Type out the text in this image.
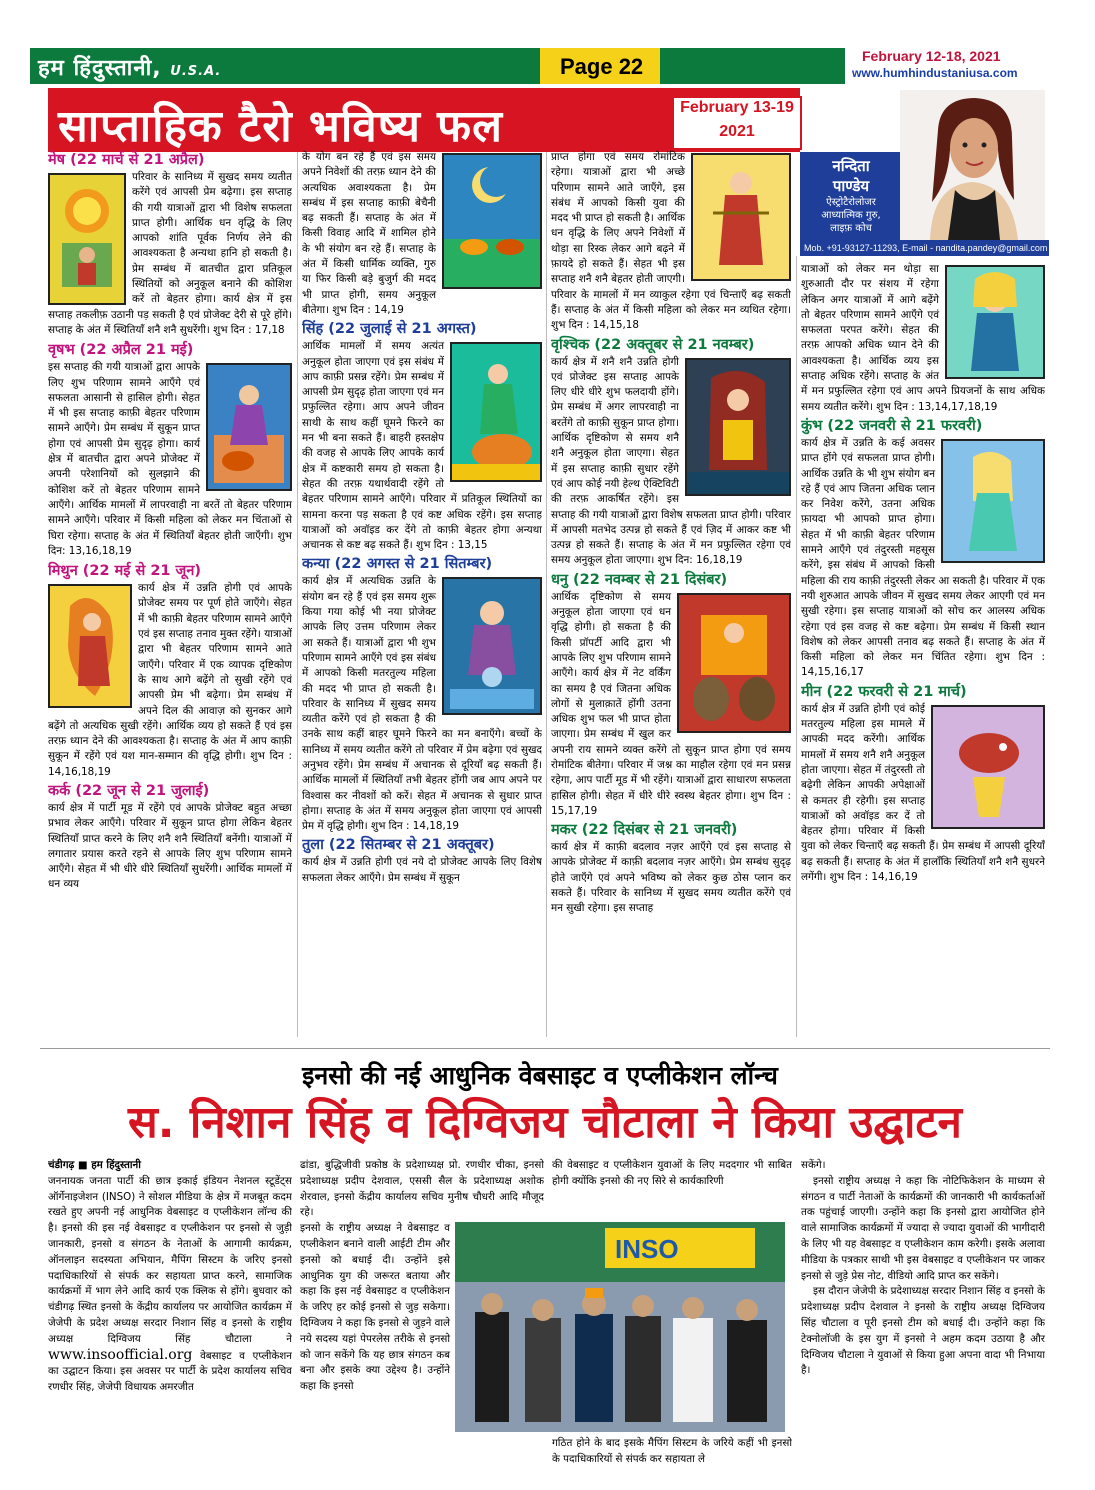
हम हिंदुस्तानी, U.S.A.	Page 22	February 12-18, 2021
www.humhindustaniusa.com
साप्ताहिक टैरो भविष्य फल	February 13-19
2021
नन्दिता
पाण्डेय
ऐस्ट्रोटैरोलोजर
आध्यात्मिक गुरु,
लाइफ़ कोच
Mob. +91-93127-11293, E-mail - nandita.pandey@gmail.com
मेष (22 मार्च से 21 अप्रैल)

परिवार के सानिध्य में सुखद समय व्यतीत करेंगे एवं आपसी प्रेम बढ़ेगा। इस सप्ताह की गयी यात्राओं द्वारा भी विशेष सफलता प्राप्त होगी। आर्थिक धन वृद्धि के लिए आपको शांति पूर्वक निर्णय लेने की आवश्यकता है अन्यथा हानि हो सकती है। प्रेम सम्बंध में बातचीत द्वारा प्रतिकूल स्थितियों को अनुकूल बनाने की कोशिश करें तो बेहतर होगा। कार्य क्षेत्र में इस सप्ताह तकलीफ़ उठानी पड़ सकती है एवं प्रोजेक्ट देरी से पूरे होंगे। सप्ताह के अंत में स्थितियाँ शनै शनै सुधरेंगी। शुभ दिन : 17,18

वृषभ (22 अप्रैल 21 मई)

इस सप्ताह की गयी यात्राओं द्वारा आपके लिए शुभ परिणाम सामने आएँगे एवं सफलता आसानी से हासिल होगी। सेहत में भी इस सप्ताह काफ़ी बेहतर परिणाम सामने आएँगे। प्रेम सम्बंध में सुकून प्राप्त होगा एवं आपसी प्रेम सुदृढ़ होगा। कार्य क्षेत्र में बातचीत द्वारा अपने प्रोजेक्ट में अपनी परेशानियों को सुलझाने की कोशिश करें तो बेहतर परिणाम सामने आएँगे। आर्थिक मामलों में लापरवाही ना बरतें तो बेहतर परिणाम सामने आएँगे। परिवार में किसी महिला को लेकर मन चिंताओं से घिरा रहेगा। सप्ताह के अंत में स्थितियाँ बेहतर होती जाएँगी। शुभ दिन: 13,16,18,19

मिथुन (22 मई से 21 जून)

कार्य क्षेत्र में उन्नति होगी एवं आपके प्रोजेक्ट समय पर पूर्ण होते जाएँगे। सेहत में भी काफ़ी बेहतर परिणाम सामने आएँगे एवं इस सप्ताह तनाव मुक्त रहेंगे। यात्राओं द्वारा भी बेहतर परिणाम सामने आते जाएँगे। परिवार में एक व्यापक दृष्टिकोण के साथ आगे बढ़ेंगे तो सुखी रहेंगे एवं आपसी प्रेम भी बढ़ेगा। प्रेम सम्बंध में अपने दिल की आवाज़ को सुनकर आगे बढ़ेंगे तो अत्यधिक सुखी रहेंगे। आर्थिक व्यय हो सकते हैं एवं इस तरफ़ ध्यान देने की आवश्यकता है। सप्ताह के अंत में आप काफ़ी सुकून में रहेंगे एवं यश मान-सम्मान की वृद्धि होगी। शुभ दिन : 14,16,18,19

कर्क (22 जून से 21 जुलाई)

कार्य क्षेत्र में पार्टी मूड में रहेंगे एवं आपके प्रोजेक्ट बहुत अच्छा प्रभाव लेकर आएँगे। परिवार में सुकून प्राप्त होगा लेकिन बेहतर स्थितियाँ प्राप्त करने के लिए शनै शनै स्थितियाँ बनेंगी। यात्राओं में लगातार प्रयास करते रहने से आपके लिए शुभ परिणाम सामने आएँगे। सेहत में भी धीरे धीरे स्थितियाँ सुधरेंगी। आर्थिक मामलों में धन व्यय

के योग बन रहे हैं एवं इस समय अपने निवेशों की तरफ़ ध्यान देने की अत्यधिक अवाश्यकता है। प्रेम सम्बंध में इस सप्ताह काफ़ी बेचैनी बढ़ सकती हैं। सप्ताह के अंत में किसी विवाह आदि में शामिल होने के भी संयोग बन रहे हैं। सप्ताह के अंत में किसी धार्मिक व्यक्ति, गुरु या फिर किसी बड़े बुजुर्ग की मदद भी प्राप्त होगी, समय अनुकूल बीतेगा। शुभ दिन : 14,19

सिंह (22 जुलाई से 21 अगस्त)

आर्थिक मामलों में समय अत्यंत अनुकूल होता जाएगा एवं इस संबंध में आप काफ़ी प्रसन्न रहेंगे। प्रेम सम्बंध में आपसी प्रेम सुदृढ़ होता जाएगा एवं मन प्रफुल्लित रहेगा। आप अपने जीवन साथी के साथ कहीं घूमने फिरने का मन भी बना सकते हैं। बाहरी हस्तक्षेप की वजह से आपके लिए आपके कार्य क्षेत्र में कष्टकारी समय हो सकता है। सेहत की तरफ़ यथार्थवादी रहेंगे तो बेहतर परिणाम सामने आएँगे। परिवार में प्रतिकूल स्थितियों का सामना करना पड़ सकता है एवं कष्ट अधिक रहेंगे। इस सप्ताह यात्राओं को अवॉइड कर देंगे तो काफ़ी बेहतर होगा अन्यथा अचानक से कष्ट बढ़ सकते हैं। शुभ दिन : 13,15

कन्या (22 अगस्त से 21 सितम्बर)

कार्य क्षेत्र में अत्यधिक उन्नति के संयोग बन रहे हैं एवं इस समय शुरू किया गया कोई भी नया प्रोजेक्ट आपके लिए उत्तम परिणाम लेकर आ सकते हैं। यात्राओं द्वारा भी शुभ परिणाम सामने आएँगे एवं इस संबंध में आपको किसी मतरतुल्य महिला की मदद भी प्राप्त हो सकती है। परिवार के सानिध्य में सुखद समय व्यतीत करेंगे एवं हो सकता है की उनके साथ कहीं बाहर घूमने फिरने का मन बनाएँगे। बच्चों के सानिध्य में समय व्यतीत करेंगे तो परिवार में प्रेम बढ़ेगा एवं सुखद अनुभव रहेंगे। प्रेम सम्बंध में अचानक से दूरियाँ बढ़ सकती हैं। आर्थिक मामलों में स्थितियाँ तभी बेहतर होंगी जब आप अपने पर विश्वास कर नीवशों को करें। सेहत में अचानक से सुधार प्राप्त होगा। सप्ताह के अंत में समय अनुकूल होता जाएगा एवं आपसी प्रेम में वृद्धि होगी। शुभ दिन : 14,18,19

तुला (22 सितम्बर से 21 अक्तूबर)

कार्य क्षेत्र में उन्नति होगी एवं नये दो प्रोजेक्ट आपके लिए विशेष सफलता लेकर आएँगे। प्रेम सम्बंध में सुकून

प्राप्त होगा एवं समय रोमांटिक रहेगा। यात्राओं द्वारा भी अच्छे परिणाम सामने आते जाएँगे, इस संबंध में आपको किसी युवा की मदद भी प्राप्त हो सकती है। आर्थिक धन वृद्धि के लिए अपने निवेशों में थोड़ा सा रिस्क लेकर आगे बढ़ने में फ़ायदे हो सकते हैं। सेहत भी इस सप्ताह शनै शनै बेहतर होती जाएगी। परिवार के मामलों में मन व्याकुल रहेगा एवं चिन्ताएँ बढ़ सकती हैं। सप्ताह के अंत में किसी महिला को लेकर मन व्यथित रहेगा। शुभ दिन : 14,15,18

वृश्चिक (22 अक्तूबर से 21 नवम्बर)

कार्य क्षेत्र में शनै शनै उन्नति होगी एवं प्रोजेक्ट इस सप्ताह आपके लिए धीरे धीरे शुभ फलदायी होंगे। प्रेम सम्बंध में अगर लापरवाही ना बरतेंगे तो काफ़ी सुकून प्राप्त होगा। आर्थिक दृष्टिकोण से समय शनै शनै अनुकूल होता जाएगा। सेहत में इस सप्ताह काफ़ी सुधार रहेंगे एवं आप कोई नयी हेल्थ ऐक्टिविटी की तरफ़ आकर्षित रहेंगे। इस सप्ताह की गयी यात्राओं द्वारा विशेष सफलता प्राप्त होगी। परिवार में आपसी मतभेद उत्पन्न हो सकते हैं एवं ज़िद में आकर कष्ट भी उत्पन्न हो सकते हैं। सप्ताह के अंत में मन प्रफुल्लित रहेगा एवं समय अनुकूल होता जाएगा। शुभ दिन: 16,18,19

धनु (22 नवम्बर से 21 दिसंबर)

आर्थिक दृष्टिकोण से समय अनुकूल होता जाएगा एवं धन वृद्धि होगी। हो सकता है की किसी प्रॉपर्टी आदि द्वारा भी आपके लिए शुभ परिणाम सामने आएँगे। कार्य क्षेत्र में नेट वर्किंग का समय है एवं जितना अधिक लोगों से मुलाक़ातें होंगी उतना अधिक शुभ फल भी प्राप्त होता जाएगा। प्रेम सम्बंध में खुल कर अपनी राय सामने व्यक्त करेंगे तो सुकून प्राप्त होगा एवं समय रोमांटिक बीतेगा। परिवार में जश्न का माहौल रहेगा एवं मन प्रसन्न रहेगा, आप पार्टी मूड में भी रहेंगे। यात्राओं द्वारा साधारण सफलता हासिल होगी। सेहत में धीरे धीरे स्वस्थ बेहतर होगा। शुभ दिन : 15,17,19

मकर (22 दिसंबर से 21 जनवरी)

कार्य क्षेत्र में काफ़ी बदलाव नज़र आएँगे एवं इस सप्ताह से आपके प्रोजेक्ट में काफ़ी बदलाव नज़र आएँगे। प्रेम सम्बंध सुदृढ़ होते जाएँगे एवं अपने भविष्य को लेकर कुछ ठोस प्लान कर सकते हैं। परिवार के सानिध्य में सुखद समय व्यतीत करेंगे एवं मन सुखी रहेगा। इस सप्ताह

यात्राओं को लेकर मन थोड़ा सा शुरुआती दौर पर संशय में रहेगा लेकिन अगर यात्राओं में आगे बढ़ेंगे तो बेहतर परिणाम सामने आएँगे एवं सफलता परपत करेंगे। सेहत की तरफ़ आपको अधिक ध्यान देने की आवश्यकता है। आर्थिक व्यय इस सप्ताह अधिक रहेंगे। सप्ताह के अंत में मन प्रफुल्लित रहेगा एवं आप अपने प्रियजनों के साथ अधिक समय व्यतीत करेंगे। शुभ दिन : 13,14,17,18,19

कुंभ (22 जनवरी से 21 फरवरी)

कार्य क्षेत्र में उन्नति के कई अवसर प्राप्त होंगे एवं सफलता प्राप्त होगी। आर्थिक उन्नति के भी शुभ संयोग बन रहे हैं एवं आप जितना अधिक प्लान कर निवेश करेंगे, उतना अधिक फ़ायदा भी आपको प्राप्त होगा। सेहत में भी काफ़ी बेहतर परिणाम सामने आएँगे एवं तंदुरस्ती महसूस करेंगे, इस संबंध में आपको किसी महिला की राय काफ़ी तंदुरस्ती लेकर आ सकती है। परिवार में एक नयी शुरुआत आपके जीवन में सुखद समय लेकर आएगी एवं मन सुखी रहेगा। इस सप्ताह यात्राओं को सोच कर आलस्य अधिक रहेगा एवं इस वजह से कष्ट बढ़ेगा। प्रेम सम्बंध में किसी स्थान विशेष को लेकर आपसी तनाव बढ़ सकते हैं। सप्ताह के अंत में किसी महिला को लेकर मन चिंतित रहेगा। शुभ दिन : 14,15,16,17

मीन (22 फरवरी से 21 मार्च)

कार्य क्षेत्र में उन्नति होगी एवं कोई मतरतुल्य महिला इस मामले में आपकी मदद करेंगी। आर्थिक मामलों में समय शनै शनै अनुकूल होता जाएगा। सेहत में तंदुरस्ती तो बढ़ेगी लेकिन आपकी अपेक्षाओं से कमतर ही रहेगी। इस सप्ताह यात्राओं को अवॉइड कर दें तो बेहतर होगा। परिवार में किसी युवा को लेकर चिन्ताएँ बढ़ सकती हैं। प्रेम सम्बंध में आपसी दूरियाँ बढ़ सकती हैं। सप्ताह के अंत में हालाँकि स्थितियाँ शनै शनै सुधरने लगेंगी। शुभ दिन : 14,16,19

इनसो की नई आधुनिक वेबसाइट व एप्लीकेशन लॉन्च
स. निशान सिंह व दिग्विजय चौटाला ने किया उद्घाटन
चंडीगढ़ ■ हम हिंदुस्तानी
जननायक जनता पार्टी की छात्र इकाई इंडियन नेशनल स्टूडेंट्स ऑर्गेनाइजेशन (INSO) ने सोशल मीडिया के क्षेत्र में मजबूत कदम रखते हुए अपनी नई आधुनिक वेबसाइट व एप्लीकेशन लॉन्च की है। इनसो की इस नई वेबसाइट व एप्लीकेशन पर इनसो से जुड़ी जानकारी, इनसो व संगठन के नेताओं के आगामी कार्यक्रम, ऑनलाइन सदस्यता अभियान, मैपिंग सिस्टम के जरिए इनसो पदाधिकारियों से संपर्क कर सहायता प्राप्त करने, सामाजिक कार्यक्रमों में भाग लेने आदि कार्य एक क्लिक से होंगे। बुधवार को चंडीगढ़ स्थित इनसो के केंद्रीय कार्यालय पर आयोजित कार्यक्रम में जेजेपी के प्रदेश अध्यक्ष सरदार निशान सिंह व इनसो के राष्ट्रीय अध्यक्ष दिग्विजय सिंह चौटाला ने www.insoofficial.org वेबसाइट व एप्लीकेशन का उद्घाटन किया। इस अवसर पर पार्टी के प्रदेश कार्यालय सचिव रणधीर सिंह, जेजेपी विधायक अमरजीत
ढांडा, बुद्धिजीवी प्रकोष्ठ के प्रदेशाध्यक्ष प्रो. रणधीर चीका, इनसो प्रदेशाध्यक्ष प्रदीप देशवाल, एससी सैल के प्रदेशाध्यक्ष अशोक शेरवाल, इनसो केंद्रीय कार्यालय सचिव मुनीष चौधरी आदि मौजूद रहे।
इनसो के राष्ट्रीय अध्यक्ष ने वेबसाइट व एप्लीकेशन बनाने वाली आईटी टीम और इनसो को बधाई दी। उन्होंने इसे आधुनिक युग की जरूरत बताया और कहा कि इस नई वेबसाइट व एप्लीकेशन के जरिए हर कोई इनसो से जुड़ सकेगा। दिग्विजय ने कहा कि इनसो से जुड़ने वाले नये सदस्य यहां पेपरलेस तरीके से इनसो को जान सकेंगे कि यह छात्र संगठन कब बना और इसके क्या उद्देश्य है। उन्होंने कहा कि इनसो
INSO
की वेबसाइट व एप्लीकेशन युवाओं के लिए मददगार भी साबित होगी क्योंकि इनसो की नए सिरे से कार्यकारिणी
गठित होने के बाद इसके मैपिंग सिस्टम के जरिये कहीं भी इनसो के पदाधिकारियों से संपर्क कर सहायता ले
सकेंगे।
इनसो राष्ट्रीय अध्यक्ष ने कहा कि नोटिफिकेशन के माध्यम से संगठन व पार्टी नेताओं के कार्यक्रमों की जानकारी भी कार्यकर्ताओं तक पहुंचाई जाएगी। उन्होंने कहा कि इनसो द्वारा आयोजित होने वाले सामाजिक कार्यक्रमों में ज्यादा से ज्यादा युवाओं की भागीदारी के लिए भी यह वेबसाइट व एप्लीकेशन काम करेगी। इसके अलावा मीडिया के पत्रकार साथी भी इस वेबसाइट व एप्लीकेशन पर जाकर इनसो से जुड़े प्रेस नोट, वीडियो आदि प्राप्त कर सकेंगे।
इस दौरान जेजेपी के प्रदेशाध्यक्ष सरदार निशान सिंह व इनसो के प्रदेशाध्यक्ष प्रदीप देशवाल ने इनसो के राष्ट्रीय अध्यक्ष दिग्विजय सिंह चौटाला व पूरी इनसो टीम को बधाई दी। उन्होंने कहा कि टेक्नोलॉजी के इस युग में इनसो ने अहम कदम उठाया है और दिग्विजय चौटाला ने युवाओं से किया हुआ अपना वादा भी निभाया है।
